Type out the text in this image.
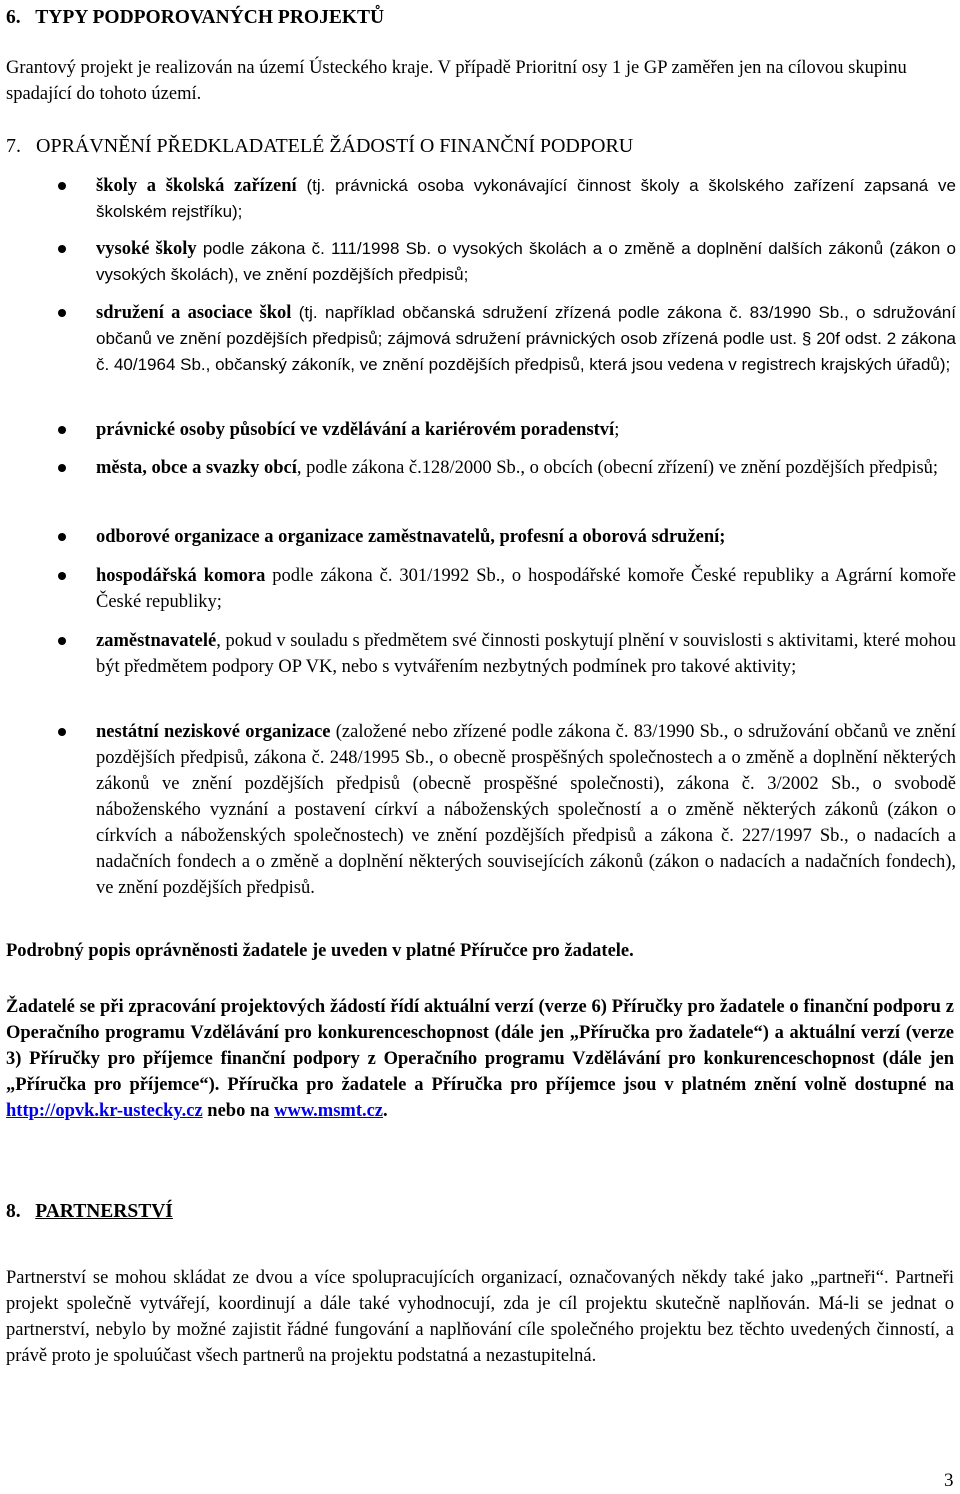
6. TYPY PODPOROVANÝCH PROJEKTŮ
Grantový projekt je realizován na území Ústeckého kraje. V případě Prioritní osy 1 je GP zaměřen jen na cílovou skupinu spadající do tohoto území.
7. OPRÁVNĚNÍ PŘEDKLADATELÉ ŽÁDOSTÍ O FINANČNÍ PODPORU
školy a školská zařízení (tj. právnická osoba vykonávající činnost školy a školského zařízení zapsaná ve školském rejstříku);
vysoké školy podle zákona č. 111/1998 Sb. o vysokých školách a o změně a doplnění dalších zákonů (zákon o vysokých školách), ve znění pozdějších předpisů;
sdružení a asociace škol (tj. například občanská sdružení zřízená podle zákona č. 83/1990 Sb., o sdružování občanů ve znění pozdějších předpisů; zájmová sdružení právnických osob zřízená podle ust. § 20f odst. 2 zákona č. 40/1964 Sb., občanský zákoník, ve znění pozdějších předpisů, která jsou vedena v registrech krajských úřadů);
právnické osoby působící ve vzdělávání a kariérovém poradenství;
města, obce a svazky obcí, podle zákona č.128/2000 Sb., o obcích (obecní zřízení) ve znění pozdějších předpisů;
odborové organizace a organizace zaměstnavatelů, profesní a oborová sdružení;
hospodářská komora podle zákona č. 301/1992 Sb., o hospodářské komoře České republiky a Agrární komoře České republiky;
zaměstnavatelé, pokud v souladu s předmětem své činnosti poskytují plnění v souvislosti s aktivitami, které mohou být předmětem podpory OP VK, nebo s vytvářením nezbytných podmínek pro takové aktivity;
nestátní neziskové organizace (založené nebo zřízené podle zákona č. 83/1990 Sb., o sdružování občanů ve znění pozdějších předpisů, zákona č. 248/1995 Sb., o obecně prospěšných společnostech a o změně a doplnění některých zákonů ve znění pozdějších předpisů (obecně prospěšné společnosti), zákona č. 3/2002 Sb., o svobodě náboženského vyznání a postavení církví a náboženských společností a o změně některých zákonů (zákon o církvích a náboženských společnostech) ve znění pozdějších předpisů a zákona č. 227/1997 Sb., o nadacích a nadačních fondech a o změně a doplnění některých souvisejících zákonů (zákon o nadacích a nadačních fondech), ve znění pozdějších předpisů.
Podrobný popis oprávněnosti žadatele je uveden v platné Příručce pro žadatele.
Žadatelé se při zpracování projektových žádostí řídí aktuální verzí (verze 6) Příručky pro žadatele o finanční podporu z Operačního programu Vzdělávání pro konkurenceschopnost (dále jen „Příručka pro žadatele“) a aktuální verzí (verze 3) Příručky pro příjemce finanční podpory z Operačního programu Vzdělávání pro konkurenceschopnost (dále jen „Příručka pro příjemce“). Příručka pro žadatele a Příručka pro příjemce jsou v platném znění volně dostupné na http://opvk.kr-ustecky.cz nebo na www.msmt.cz.
8. PARTNERSTVÍ
Partnerství se mohou skládat ze dvou a více spolupracujících organizací, označovaných někdy také jako „partneři“. Partneři projekt společně vytvářejí, koordinují a dále také vyhodnocují, zda je cíl projektu skutečně naplňován. Má-li se jednat o partnerství, nebylo by možné zajistit řádné fungování a naplňování cíle společného projektu bez těchto uvedených činností, a právě proto je spoluúčast všech partnerů na projektu podstatná a nezastupitelná.
3
